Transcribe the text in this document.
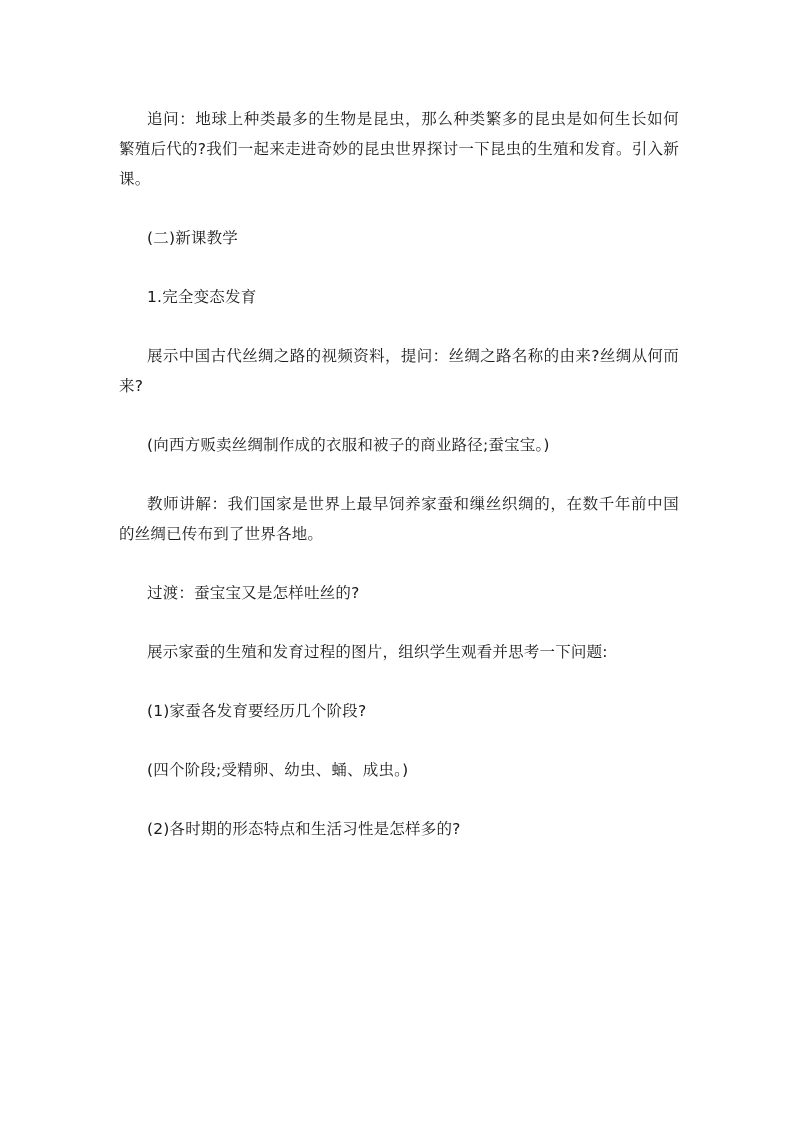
追问：地球上种类最多的生物是昆虫，那么种类繁多的昆虫是如何生长如何繁殖后代的?我们一起来走进奇妙的昆虫世界探讨一下昆虫的生殖和发育。引入新课。

(二)新课教学

1.完全变态发育

展示中国古代丝绸之路的视频资料，提问：丝绸之路名称的由来?丝绸从何而来?

(向西方贩卖丝绸制作成的衣服和被子的商业路径;蚕宝宝。)

教师讲解：我们国家是世界上最早饲养家蚕和缫丝织绸的，在数千年前中国的丝绸已传布到了世界各地。

过渡：蚕宝宝又是怎样吐丝的?

展示家蚕的生殖和发育过程的图片，组织学生观看并思考一下问题:

(1)家蚕各发育要经历几个阶段?

(四个阶段;受精卵、幼虫、蛹、成虫。)

(2)各时期的形态特点和生活习性是怎样多的?
